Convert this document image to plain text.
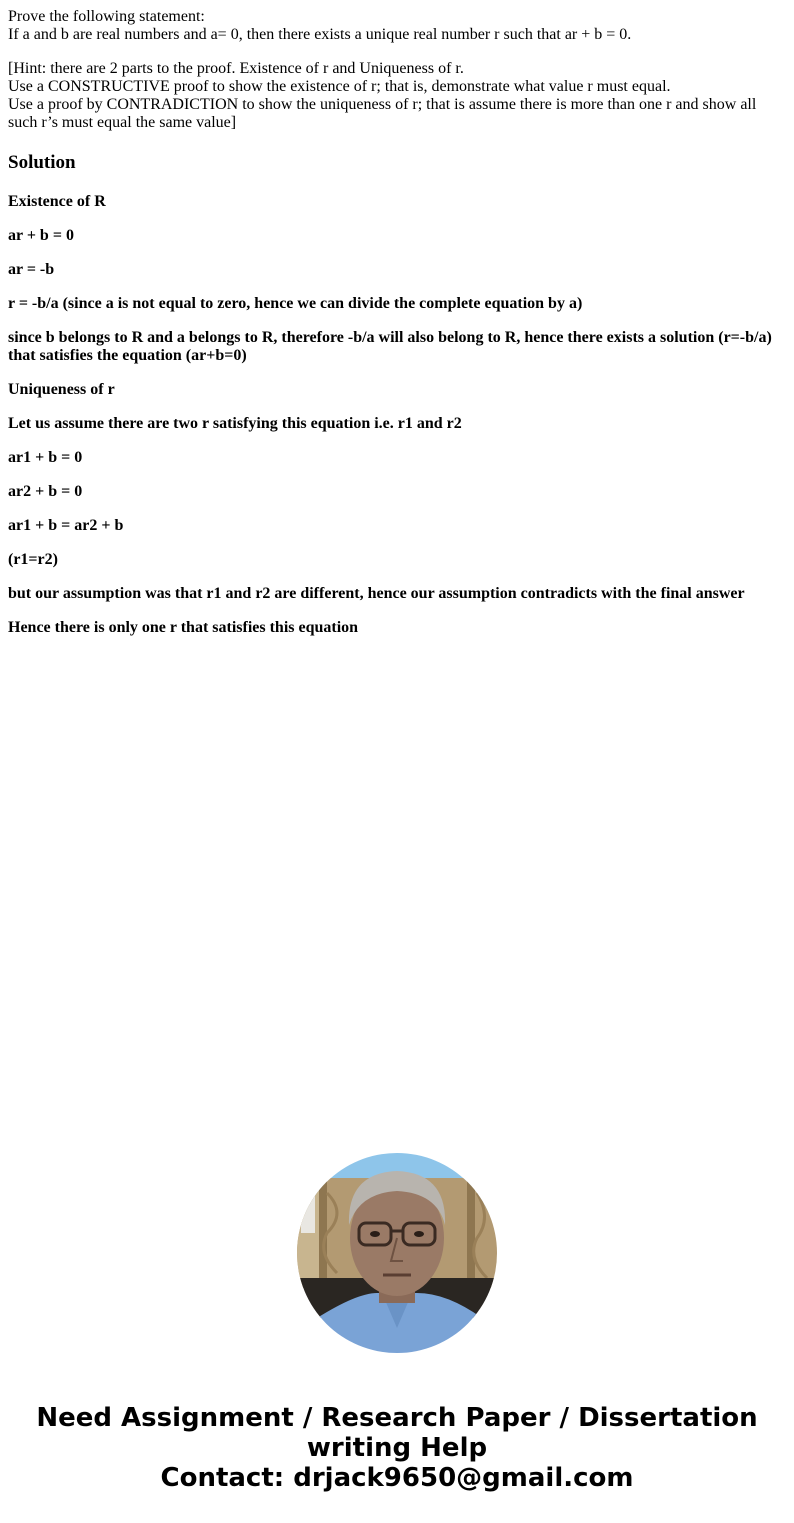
Prove the following statement:
If a and b are real numbers and a= 0, then there exists a unique real number r such that ar + b = 0.

[Hint: there are 2 parts to the proof. Existence of r and Uniqueness of r.
Use a CONSTRUCTIVE proof to show the existence of r; that is, demonstrate what value r must equal.
Use a proof by CONTRADICTION to show the uniqueness of r; that is assume there is more than one r and show all such r’s must equal the same value]

Solution

Existence of R

ar + b = 0

ar = -b

r = -b/a (since a is not equal to zero, hence we can divide the complete equation by a)

since b belongs to R and a belongs to R, therefore -b/a will also belong to R, hence there exists a solution (r=-b/a) that satisfies the equation (ar+b=0)

Uniqueness of r

Let us assume there are two r satisfying this equation i.e. r1 and r2

ar1 + b = 0

ar2 + b = 0

ar1 + b = ar2 + b

(r1=r2)

but our assumption was that r1 and r2 are different, hence our assumption contradicts with the final answer

Hence there is only one r that satisfies this equation

Need Assignment / Research Paper / Dissertation
writing Help
Contact: drjack9650@gmail.com
